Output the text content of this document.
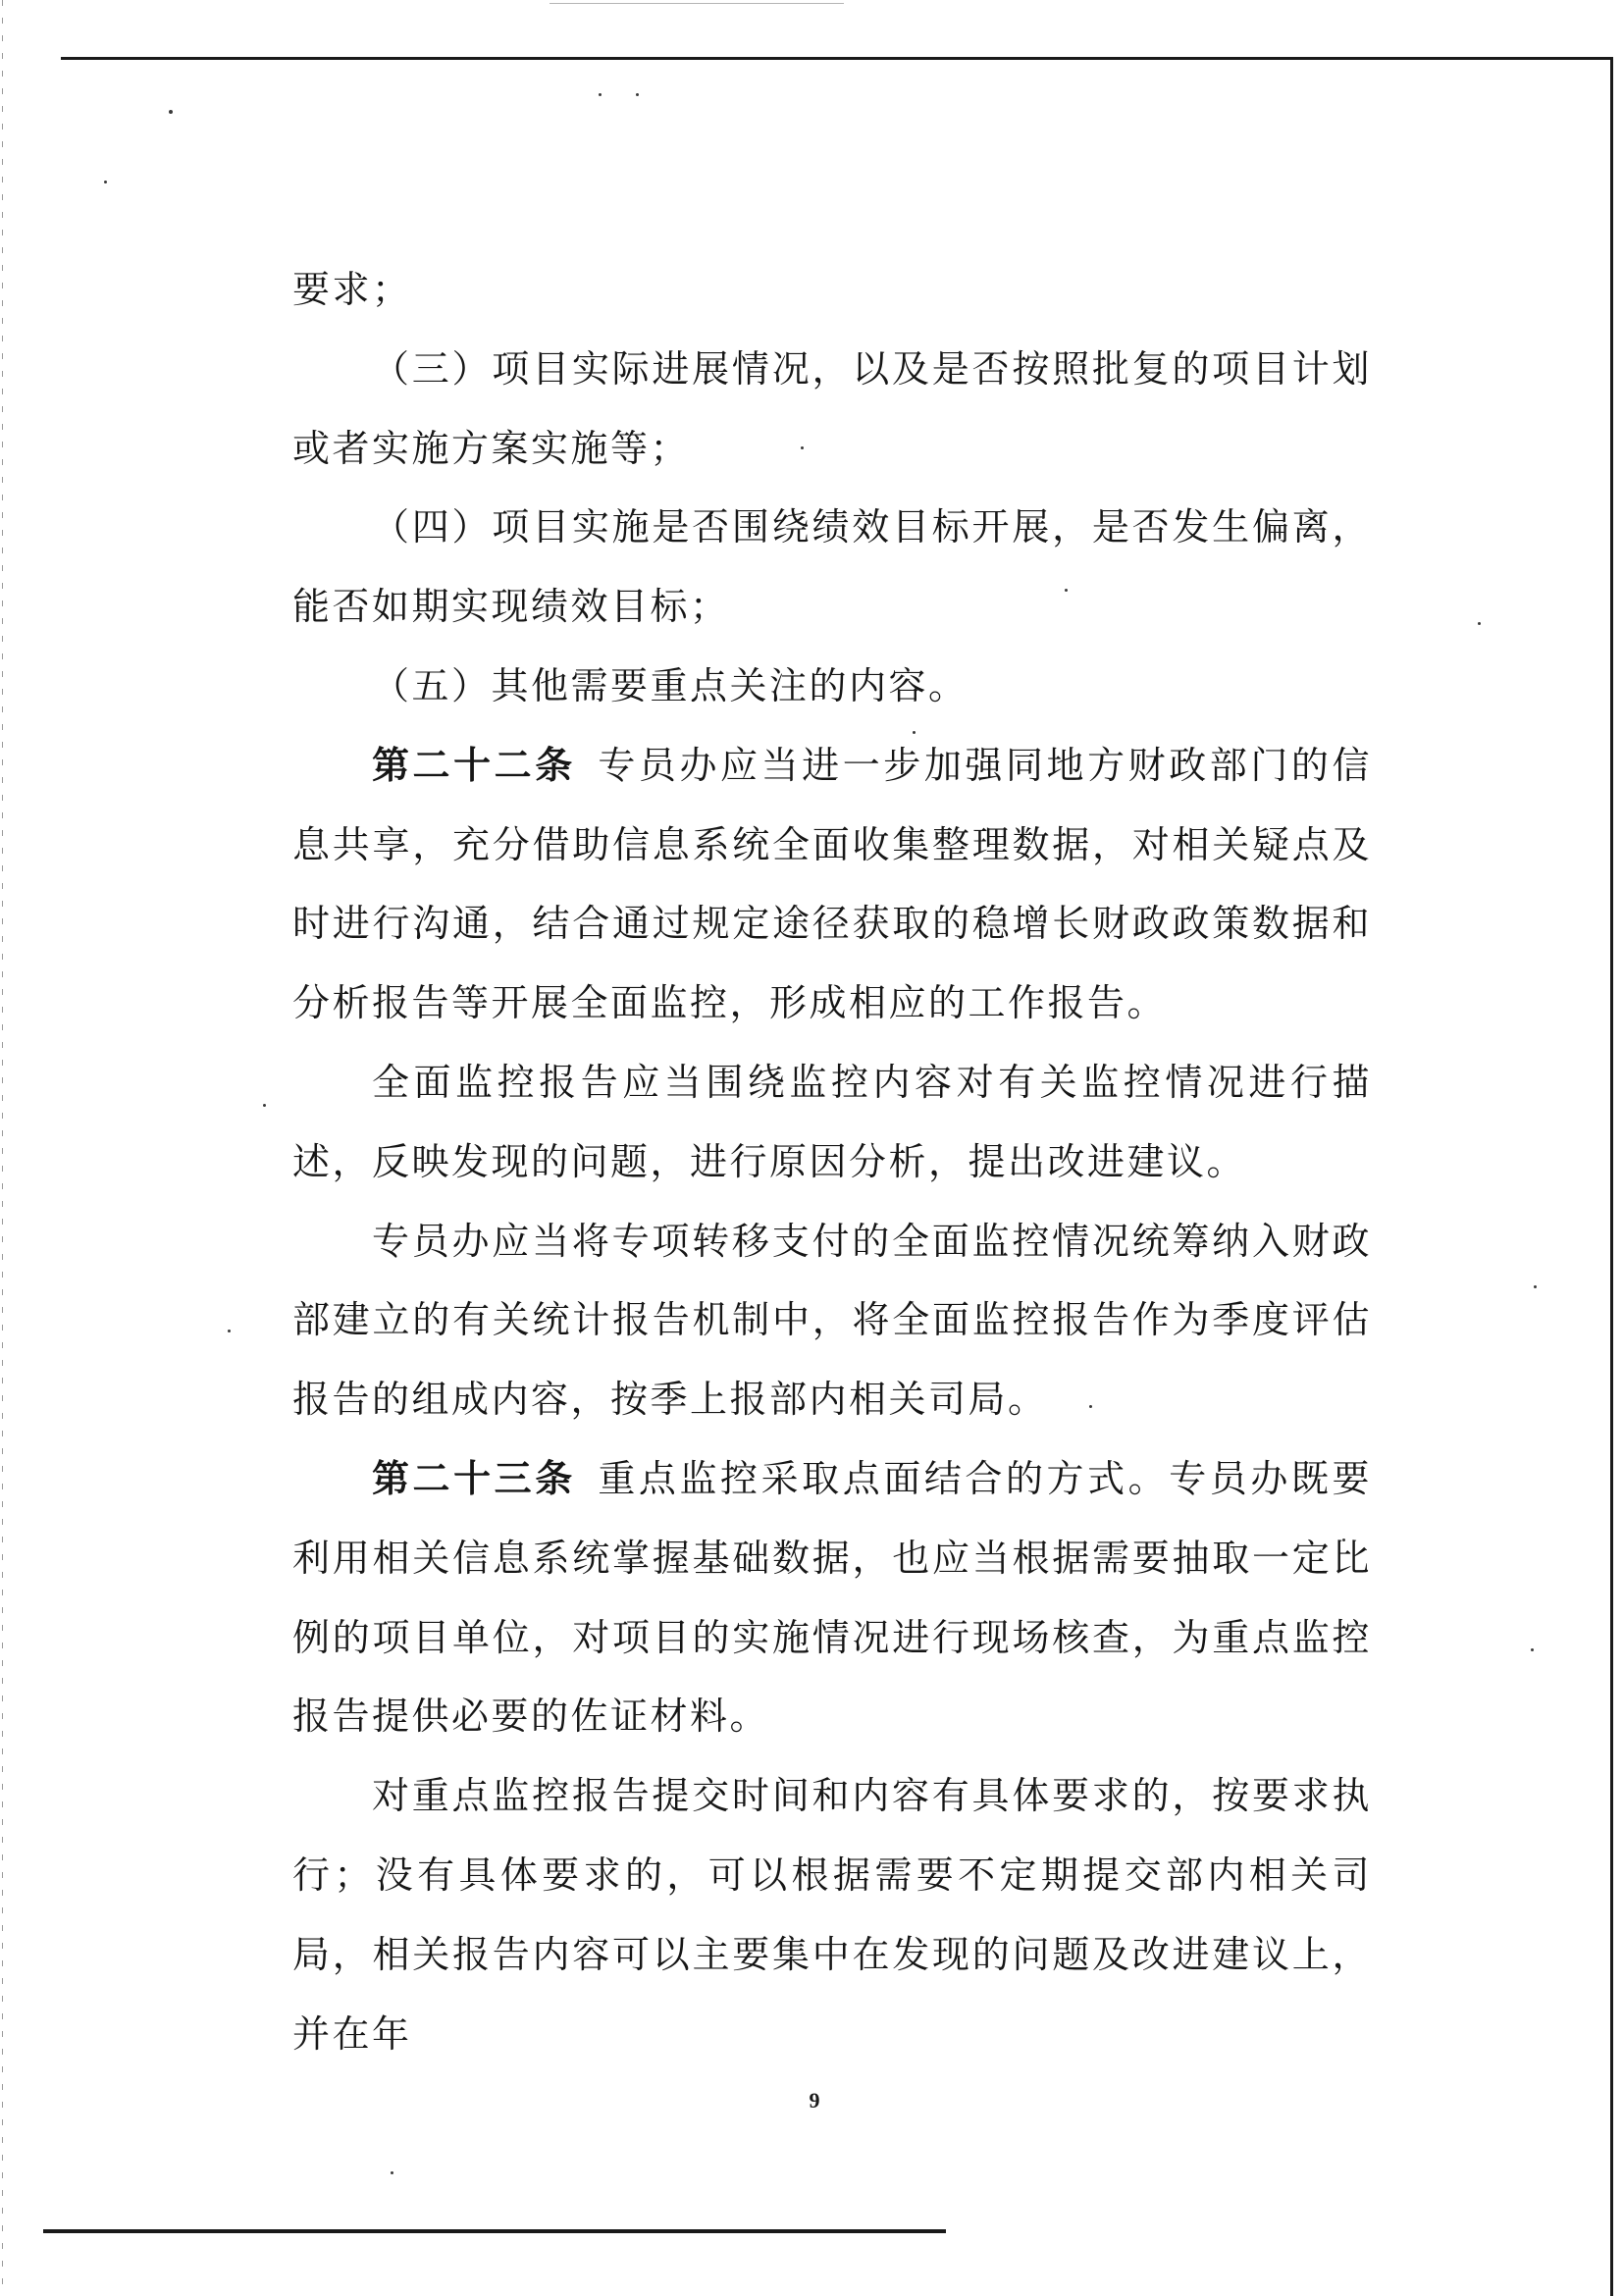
要求；

（三）项目实际进展情况，以及是否按照批复的项目计划或者实施方案实施等；

（四）项目实施是否围绕绩效目标开展，是否发生偏离，能否如期实现绩效目标；

（五）其他需要重点关注的内容。

第二十二条  专员办应当进一步加强同地方财政部门的信息共享，充分借助信息系统全面收集整理数据，对相关疑点及时进行沟通，结合通过规定途径获取的稳增长财政政策数据和分析报告等开展全面监控，形成相应的工作报告。

全面监控报告应当围绕监控内容对有关监控情况进行描述，反映发现的问题，进行原因分析，提出改进建议。

专员办应当将专项转移支付的全面监控情况统筹纳入财政部建立的有关统计报告机制中，将全面监控报告作为季度评估报告的组成内容，按季上报部内相关司局。

第二十三条  重点监控采取点面结合的方式。专员办既要利用相关信息系统掌握基础数据，也应当根据需要抽取一定比例的项目单位，对项目的实施情况进行现场核查，为重点监控报告提供必要的佐证材料。

对重点监控报告提交时间和内容有具体要求的，按要求执行；没有具体要求的，可以根据需要不定期提交部内相关司局，相关报告内容可以主要集中在发现的问题及改进建议上，并在年

9
